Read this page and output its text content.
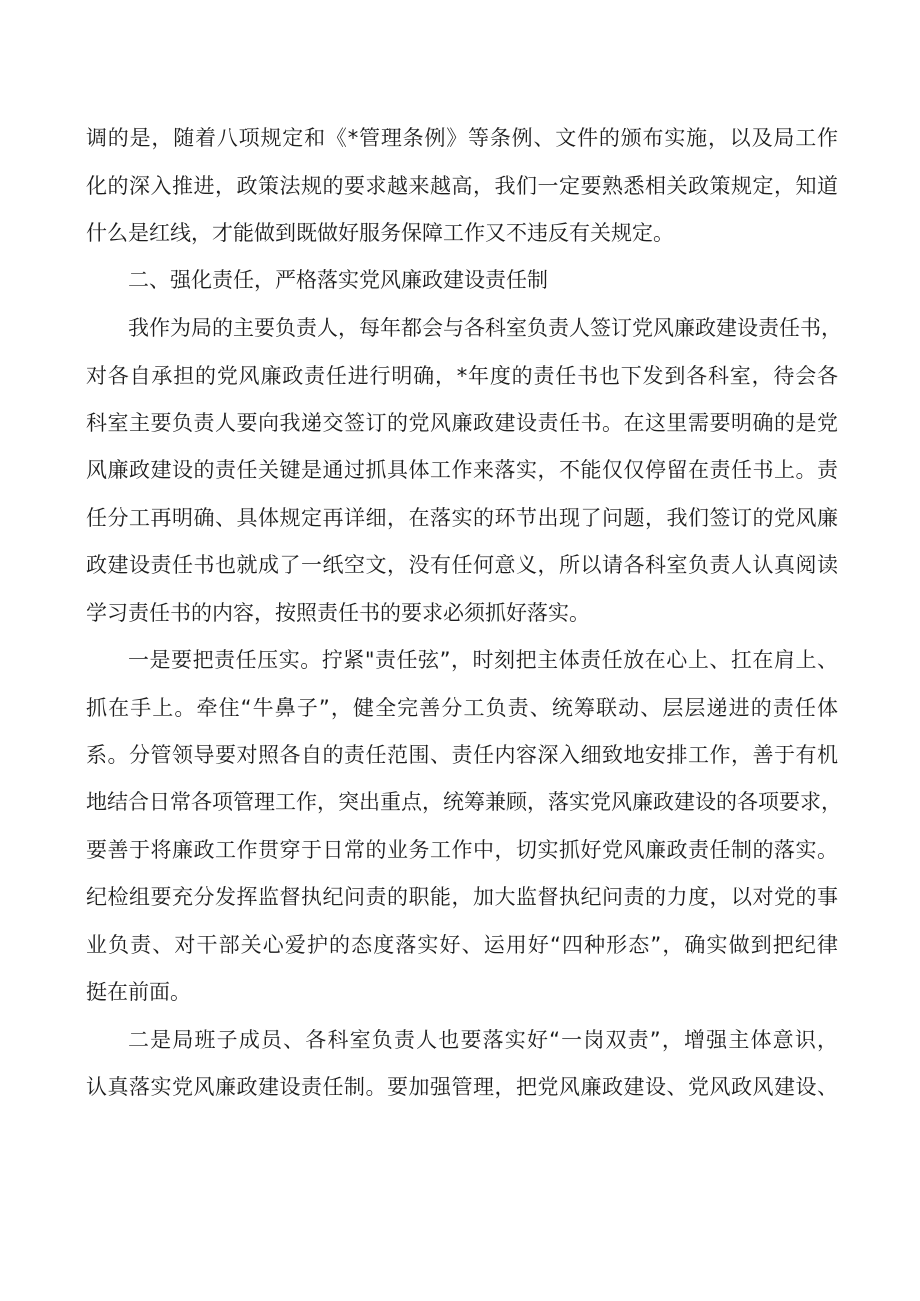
调的是，随着八项规定和《*管理条例》等条例、文件的颁布实施，以及局工作
化的深入推进，政策法规的要求越来越高，我们一定要熟悉相关政策规定，知道
什么是红线，才能做到既做好服务保障工作又不违反有关规定。
二、强化责任，严格落实党风廉政建设责任制
我作为局的主要负责人，每年都会与各科室负责人签订党风廉政建设责任书，
对各自承担的党风廉政责任进行明确，*年度的责任书也下发到各科室，待会各
科室主要负责人要向我递交签订的党风廉政建设责任书。在这里需要明确的是党
风廉政建设的责任关键是通过抓具体工作来落实，不能仅仅停留在责任书上。责
任分工再明确、具体规定再详细，在落实的环节出现了问题，我们签订的党风廉
政建设责任书也就成了一纸空文，没有任何意义，所以请各科室负责人认真阅读
学习责任书的内容，按照责任书的要求必须抓好落实。
一是要把责任压实。拧紧"责任弦”，时刻把主体责任放在心上、扛在肩上、
抓在手上。牵住“牛鼻子”，健全完善分工负责、统筹联动、层层递进的责任体
系。分管领导要对照各自的责任范围、责任内容深入细致地安排工作，善于有机
地结合日常各项管理工作，突出重点，统筹兼顾，落实党风廉政建设的各项要求，
要善于将廉政工作贯穿于日常的业务工作中，切实抓好党风廉政责任制的落实。
纪检组要充分发挥监督执纪问责的职能，加大监督执纪问责的力度，以对党的事
业负责、对干部关心爱护的态度落实好、运用好“四种形态”，确实做到把纪律
挺在前面。
二是局班子成员、各科室负责人也要落实好“一岗双责”，增强主体意识，
认真落实党风廉政建设责任制。要加强管理，把党风廉政建设、党风政风建设、
